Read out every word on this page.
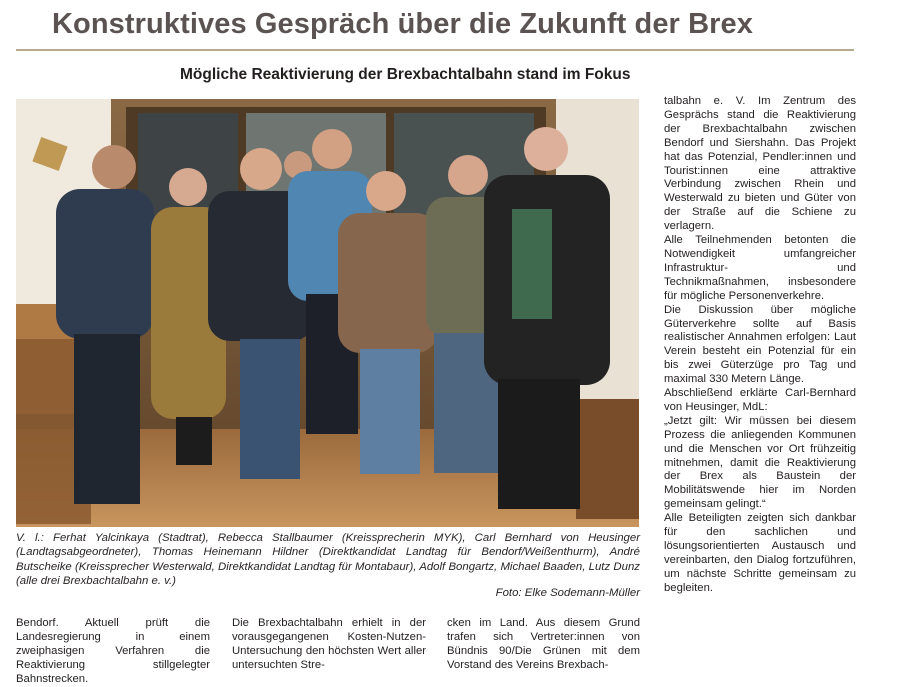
Konstruktives Gespräch über die Zukunft der Brex
Mögliche Reaktivierung der Brexbachtalbahn stand im Fokus

V. l.: Ferhat Yalcinkaya (Stadtrat), Rebecca Stallbaumer (Kreissprecherin MYK), Carl Bernhard von Heusinger (Landtagsabgeordneter), Thomas Heinemann Hildner (Direktkandidat Landtag für Bendorf/Weißenthurm), André Butscheike (Kreissprecher Westerwald, Direktkandidat Landtag für Montabaur), Adolf Bongartz, Michael Baaden, Lutz Dunz (alle drei Brexbachtalbahn e. v.)

Foto: Elke Sodemann-Müller

Bendorf. Aktuell prüft die Landesregierung in einem zweiphasigen Verfahren die Reaktivierung stillgelegter Bahnstrecken.

Die Brexbachtalbahn erhielt in der vorausgegangenen Kosten-Nutzen-Untersuchung den höchsten Wert aller untersuchten Stre-

cken im Land. Aus diesem Grund trafen sich Vertreter:innen von Bündnis 90/Die Grünen mit dem Vorstand des Vereins Brexbach-

talbahn e. V. Im Zentrum des Gesprächs stand die Reaktivierung der Brexbachtalbahn zwischen Bendorf und Siershahn. Das Projekt hat das Potenzial, Pendler:innen und Tourist:innen eine attraktive Verbindung zwischen Rhein und Westerwald zu bieten und Güter von der Straße auf die Schiene zu verlagern.

Alle Teilnehmenden betonten die Notwendigkeit umfangreicher Infrastruktur- und Technikmaßnahmen, insbesondere für mögliche Personenverkehre.

Die Diskussion über mögliche Güterverkehre sollte auf Basis realistischer Annahmen erfolgen: Laut Verein besteht ein Potenzial für ein bis zwei Güterzüge pro Tag und maximal 330 Metern Länge.

Abschließend erklärte Carl-Bernhard von Heusinger, MdL:

„Jetzt gilt: Wir müssen bei diesem Prozess die anliegenden Kommunen und die Menschen vor Ort frühzeitig mitnehmen, damit die Reaktivierung der Brex als Baustein der Mobilitätswende hier im Norden gemeinsam gelingt.“

Alle Beteiligten zeigten sich dankbar für den sachlichen und lösungsorientierten Austausch und vereinbarten, den Dialog fortzuführen, um nächste Schritte gemeinsam zu begleiten.
